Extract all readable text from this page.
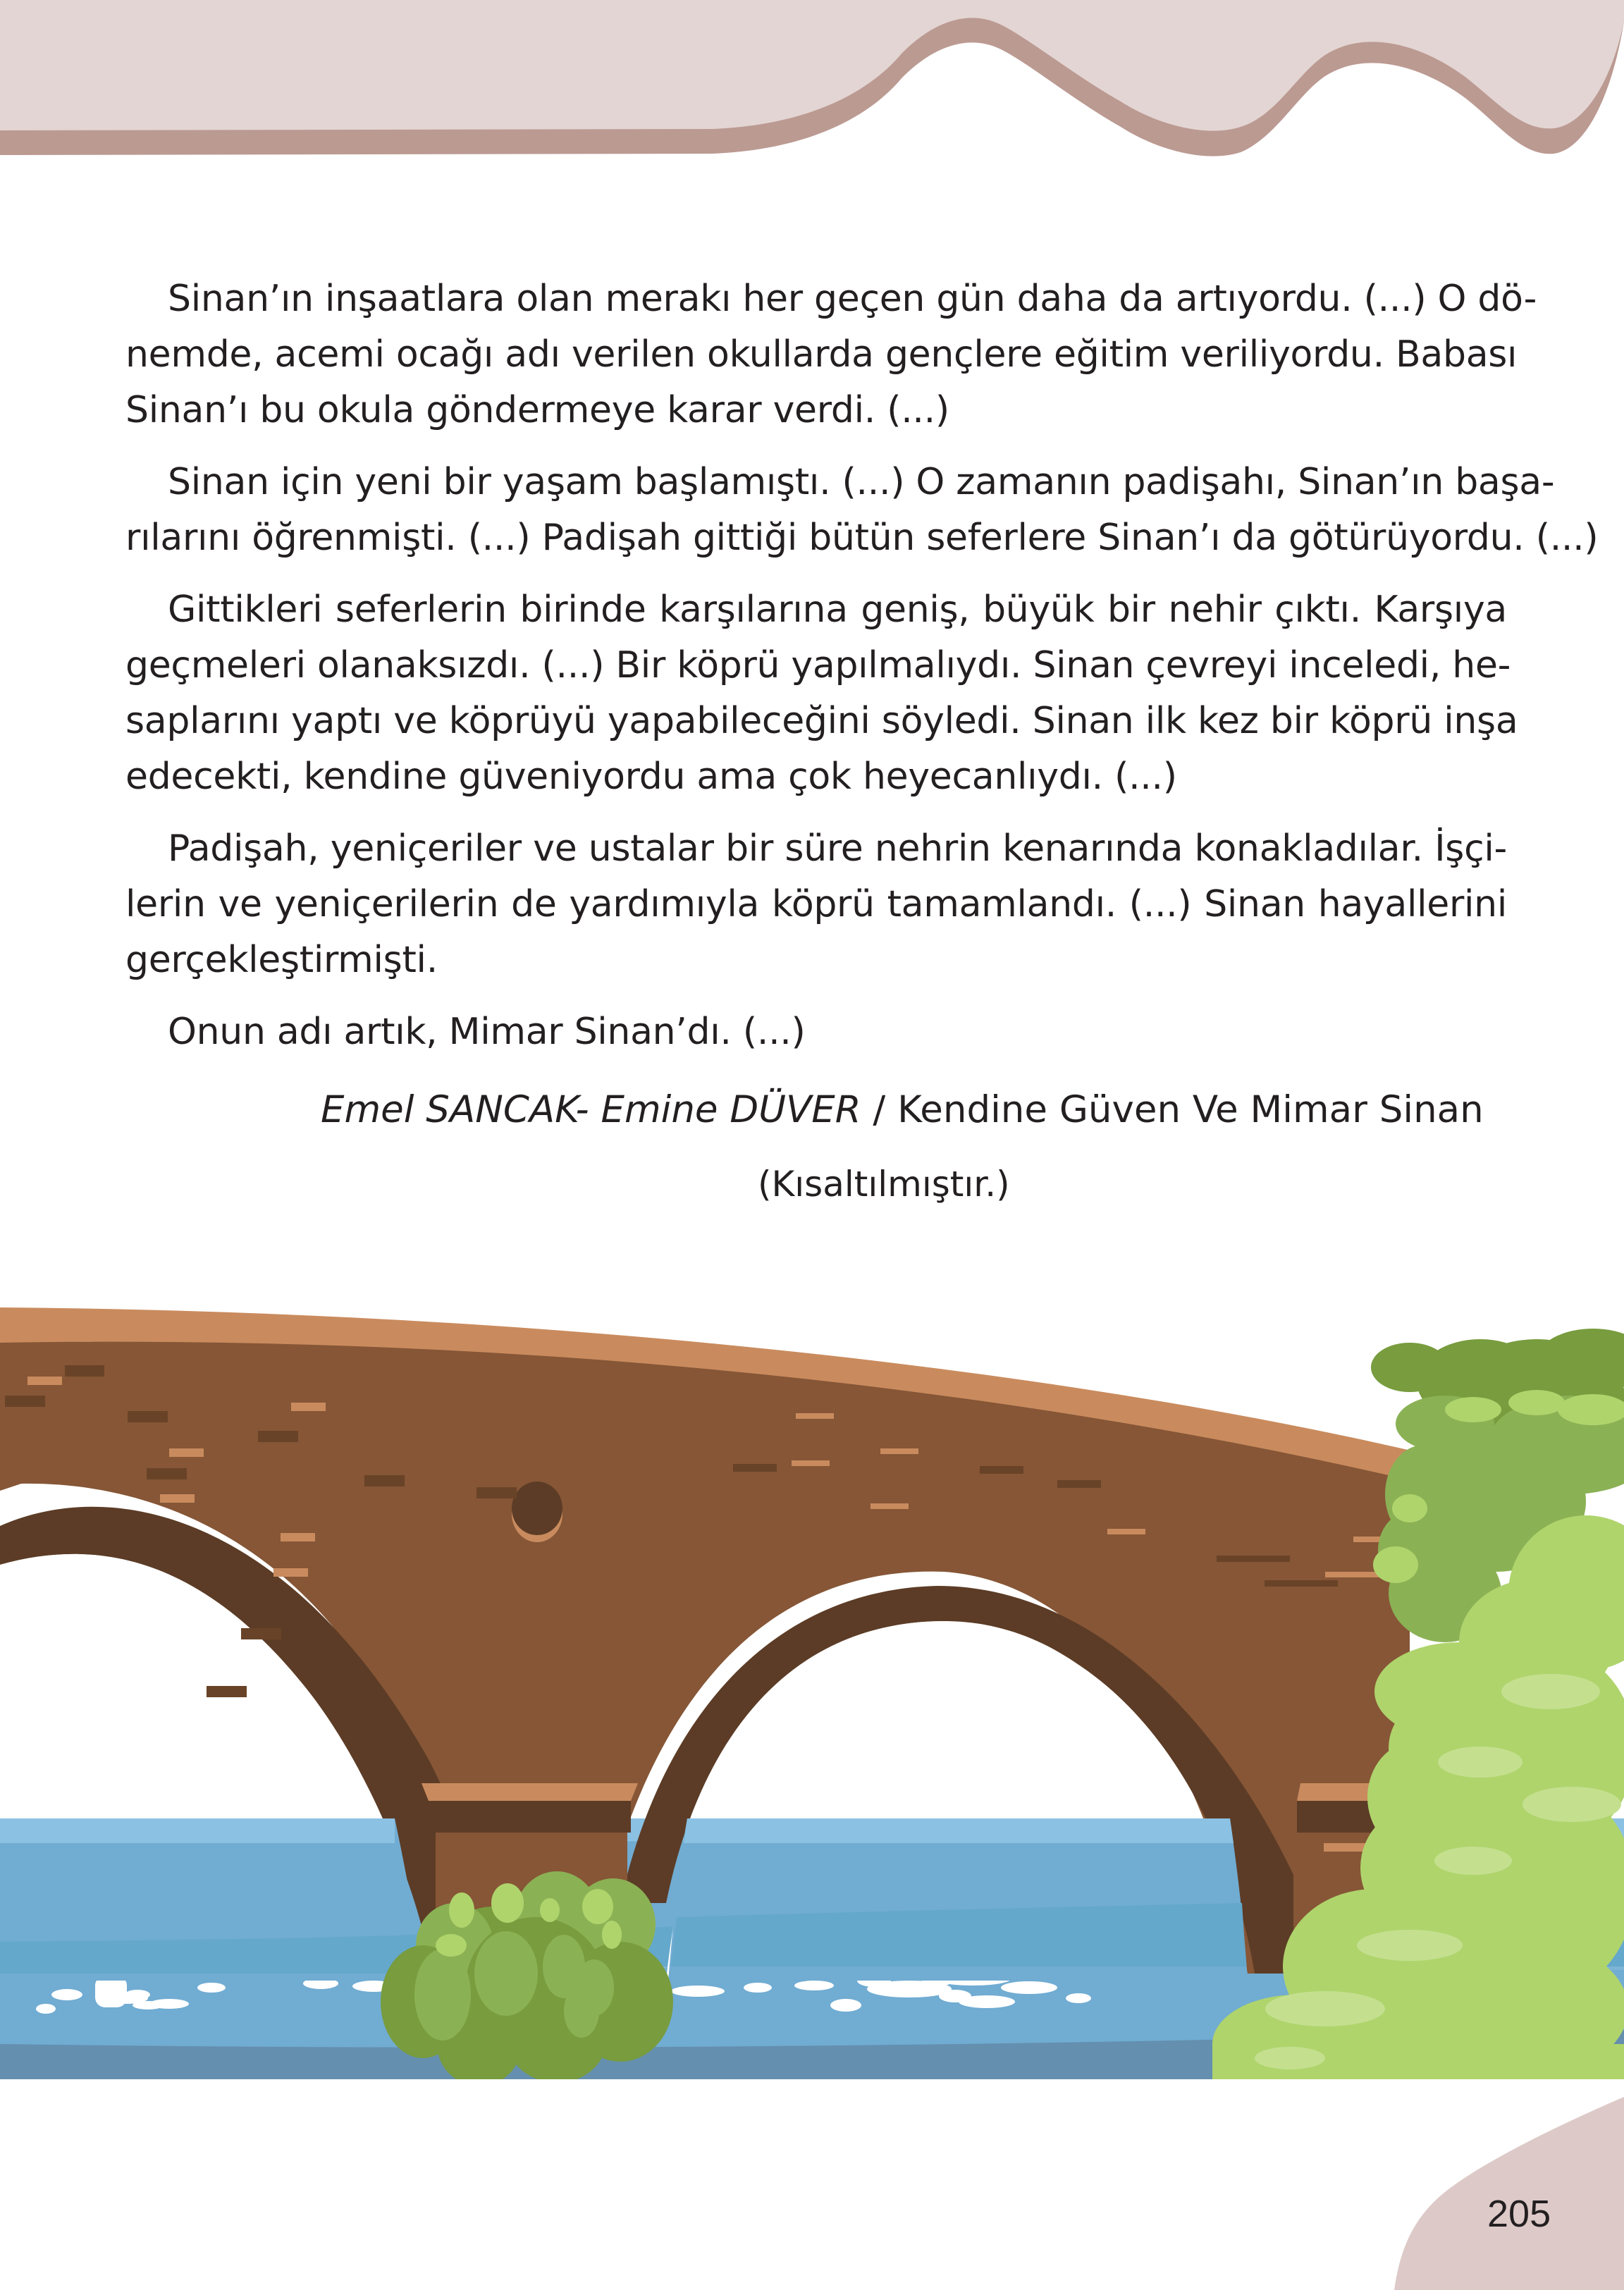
Sinan’ın inşaatlara olan merakı her geçen gün daha da artıyordu. (...) O dö-
nemde, acemi ocağı adı verilen okullarda gençlere eğitim veriliyordu. Babası
Sinan’ı bu okula göndermeye karar verdi. (...)

Sinan için yeni bir yaşam başlamıştı. (...) O zamanın padişahı, Sinan’ın başa-
rılarını öğrenmişti. (...) Padişah gittiği bütün seferlere Sinan’ı da götürüyordu. (...)

Gittikleri seferlerin birinde karşılarına geniş, büyük bir nehir çıktı. Karşıya
geçmeleri olanaksızdı. (...) Bir köprü yapılmalıydı. Sinan çevreyi inceledi, he-
saplarını yaptı ve köprüyü yapabileceğini söyledi. Sinan ilk kez bir köprü inşa
edecekti, kendine güveniyordu ama çok heyecanlıydı. (...)

Padişah, yeniçeriler ve ustalar bir süre nehrin kenarında konakladılar. İşçi-
lerin ve yeniçerilerin de yardımıyla köprü tamamlandı. (...) Sinan hayallerini
gerçekleştirmişti.

Onun adı artık, Mimar Sinan’dı. (...)

Emel SANCAK- Emine DÜVER / Kendine Güven Ve Mimar Sinan
(Kısaltılmıştır.)
205
